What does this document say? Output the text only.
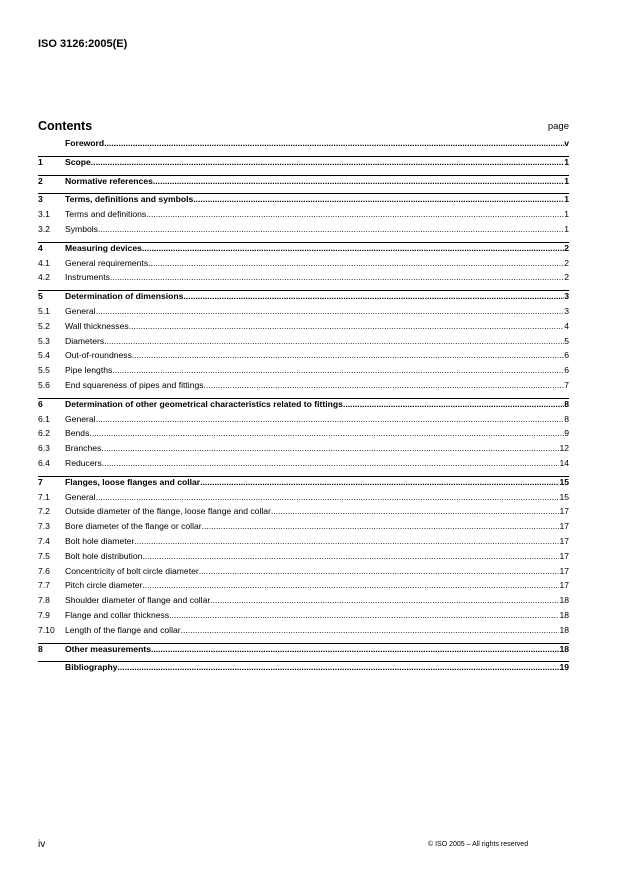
ISO 3126:2005(E)
Contents	page
Foreword .....	v
1	Scope .....	1
2	Normative references .....	1
3	Terms, definitions and symbols .....	1
3.1	Terms and definitions .....	1
3.2	Symbols .....	1
4	Measuring devices .....	2
4.1	General requirements .....	2
4.2	Instruments .....	2
5	Determination of dimensions .....	3
5.1	General .....	3
5.2	Wall thicknesses .....	4
5.3	Diameters .....	5
5.4	Out-of-roundness .....	6
5.5	Pipe lengths .....	6
5.6	End squareness of pipes and fittings .....	7
6	Determination of other geometrical characteristics related to fittings .....	8
6.1	General .....	8
6.2	Bends .....	9
6.3	Branches .....	12
6.4	Reducers .....	14
7	Flanges, loose flanges and collar .....	15
7.1	General .....	15
7.2	Outside diameter of the flange, loose flange and collar .....	17
7.3	Bore diameter of the flange or collar .....	17
7.4	Bolt hole diameter .....	17
7.5	Bolt hole distribution .....	17
7.6	Concentricity of bolt circle diameter .....	17
7.7	Pitch circle diameter .....	17
7.8	Shoulder diameter of flange and collar .....	18
7.9	Flange and collar thickness .....	18
7.10	Length of the flange and collar .....	18
8	Other measurements .....	18
Bibliography .....	19
iv	© ISO 2005 – All rights reserved
